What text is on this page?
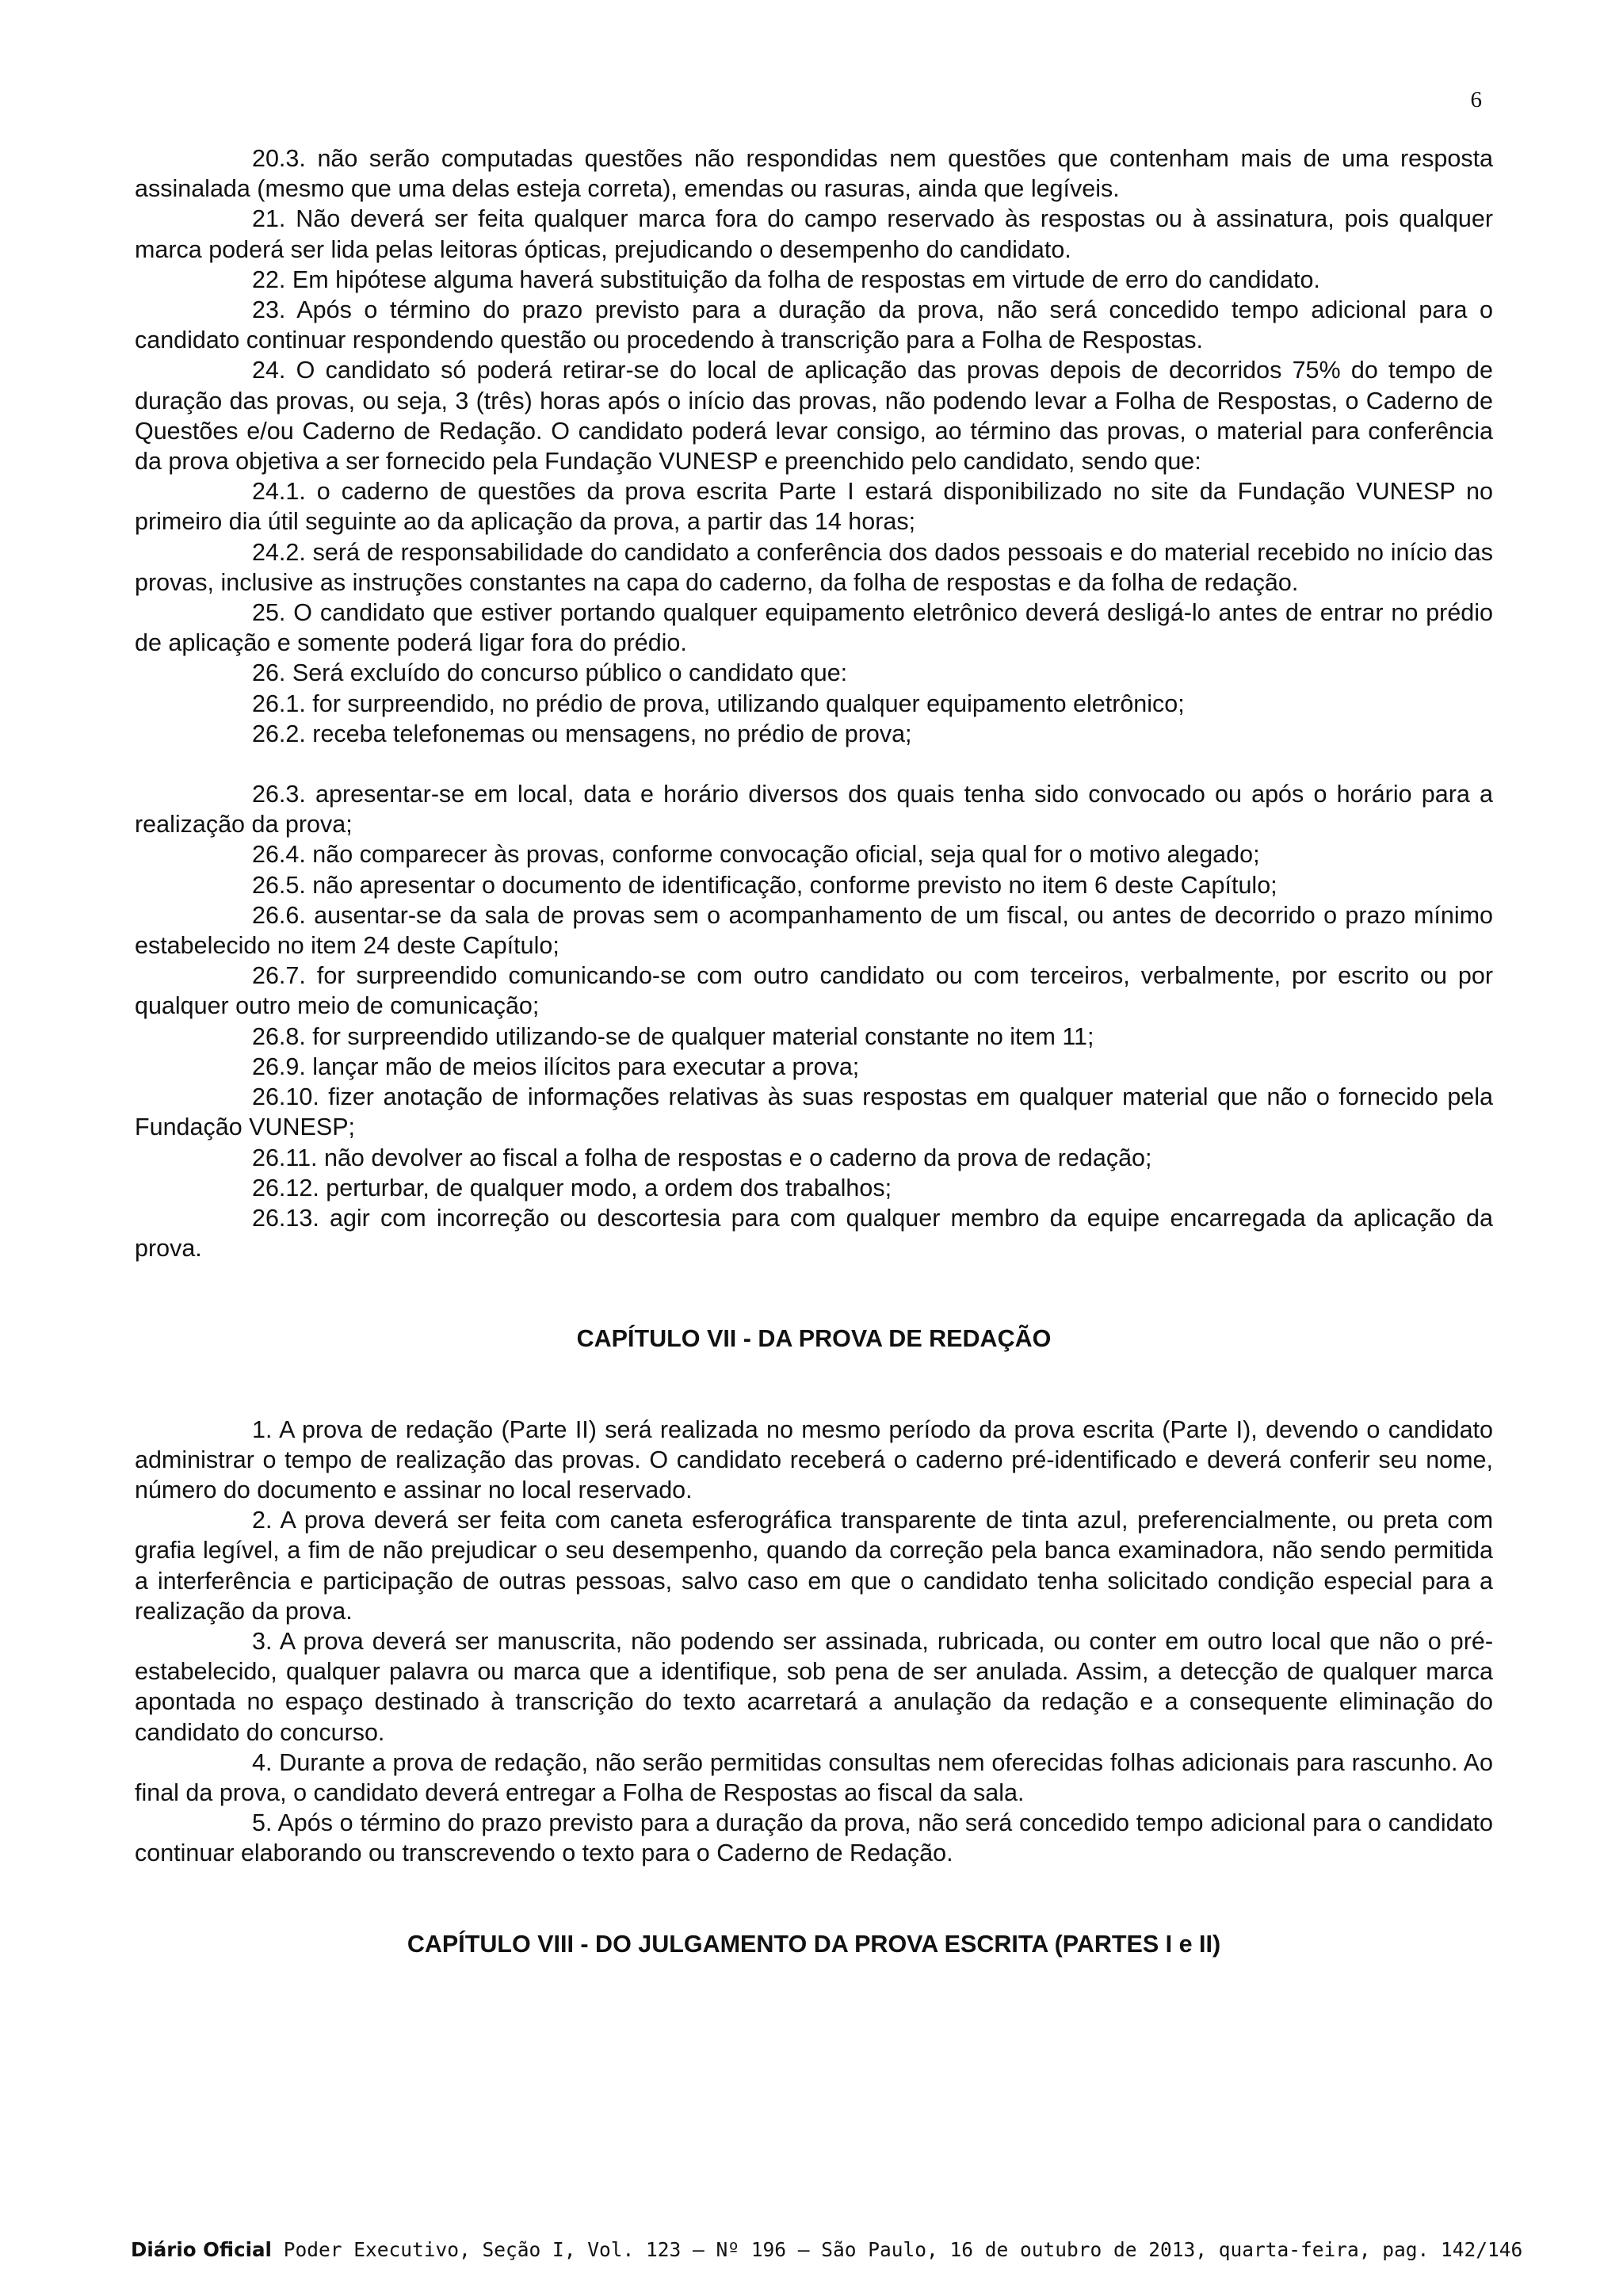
6

20.3. não serão computadas questões não respondidas nem questões que contenham mais de uma resposta assinalada (mesmo que uma delas esteja correta), emendas ou rasuras, ainda que legíveis.

21. Não deverá ser feita qualquer marca fora do campo reservado às respostas ou à assinatura, pois qualquer marca poderá ser lida pelas leitoras ópticas, prejudicando o desempenho do candidato.

22. Em hipótese alguma haverá substituição da folha de respostas em virtude de erro do candidato.

23. Após o término do prazo previsto para a duração da prova, não será concedido tempo adicional para o candidato continuar respondendo questão ou procedendo à transcrição para a Folha de Respostas.

24. O candidato só poderá retirar-se do local de aplicação das provas depois de decorridos 75% do tempo de duração das provas, ou seja, 3 (três) horas após o início das provas, não podendo levar a Folha de Respostas, o Caderno de Questões e/ou Caderno de Redação. O candidato poderá levar consigo, ao término das provas, o material para conferência da prova objetiva a ser fornecido pela Fundação VUNESP e preenchido pelo candidato, sendo que:

24.1. o caderno de questões da prova escrita Parte I estará disponibilizado no site da Fundação VUNESP no primeiro dia útil seguinte ao da aplicação da prova, a partir das 14 horas;

24.2. será de responsabilidade do candidato a conferência dos dados pessoais e do material recebido no início das provas, inclusive as instruções constantes na capa do caderno, da folha de respostas e da folha de redação.

25. O candidato que estiver portando qualquer equipamento eletrônico deverá desligá-lo antes de entrar no prédio de aplicação e somente poderá ligar fora do prédio.

26. Será excluído do concurso público o candidato que:

26.1. for surpreendido, no prédio de prova, utilizando qualquer equipamento eletrônico;

26.2. receba telefonemas ou mensagens, no prédio de prova;

26.3. apresentar-se em local, data e horário diversos dos quais tenha sido convocado ou após o horário para a realização da prova;

26.4. não comparecer às provas, conforme convocação oficial, seja qual for o motivo alegado;

26.5. não apresentar o documento de identificação, conforme previsto no item 6 deste Capítulo;

26.6. ausentar-se da sala de provas sem o acompanhamento de um fiscal, ou antes de decorrido o prazo mínimo estabelecido no item 24 deste Capítulo;

26.7. for surpreendido comunicando-se com outro candidato ou com terceiros, verbalmente, por escrito ou por qualquer outro meio de comunicação;

26.8. for surpreendido utilizando-se de qualquer material constante no item 11;

26.9. lançar mão de meios ilícitos para executar a prova;

26.10. fizer anotação de informações relativas às suas respostas em qualquer material que não o fornecido pela Fundação VUNESP;

26.11. não devolver ao fiscal a folha de respostas e o caderno da prova de redação;

26.12. perturbar, de qualquer modo, a ordem dos trabalhos;

26.13. agir com incorreção ou descortesia para com qualquer membro da equipe encarregada da aplicação da prova.

CAPÍTULO VII - DA PROVA DE REDAÇÃO

1. A prova de redação (Parte II) será realizada no mesmo período da prova escrita (Parte I), devendo o candidato administrar o tempo de realização das provas. O candidato receberá o caderno pré-identificado e deverá conferir seu nome, número do documento e assinar no local reservado.

2. A prova deverá ser feita com caneta esferográfica transparente de tinta azul, preferencialmente, ou preta com grafia legível, a fim de não prejudicar o seu desempenho, quando da correção pela banca examinadora, não sendo permitida a interferência e participação de outras pessoas, salvo caso em que o candidato tenha solicitado condição especial para a realização da prova.

3. A prova deverá ser manuscrita, não podendo ser assinada, rubricada, ou conter em outro local que não o pré-estabelecido, qualquer palavra ou marca que a identifique, sob pena de ser anulada. Assim, a detecção de qualquer marca apontada no espaço destinado à transcrição do texto acarretará a anulação da redação e a consequente eliminação do candidato do concurso.

4. Durante a prova de redação, não serão permitidas consultas nem oferecidas folhas adicionais para rascunho. Ao final da prova, o candidato deverá entregar a Folha de Respostas ao fiscal da sala.

5. Após o término do prazo previsto para a duração da prova, não será concedido tempo adicional para o candidato continuar elaborando ou transcrevendo o texto para o Caderno de Redação.

CAPÍTULO VIII - DO JULGAMENTO DA PROVA ESCRITA (PARTES I e II)

Diário Oficial Poder Executivo, Seção I, Vol. 123 – Nº 196 – São Paulo, 16 de outubro de 2013, quarta-feira, pag. 142/146
